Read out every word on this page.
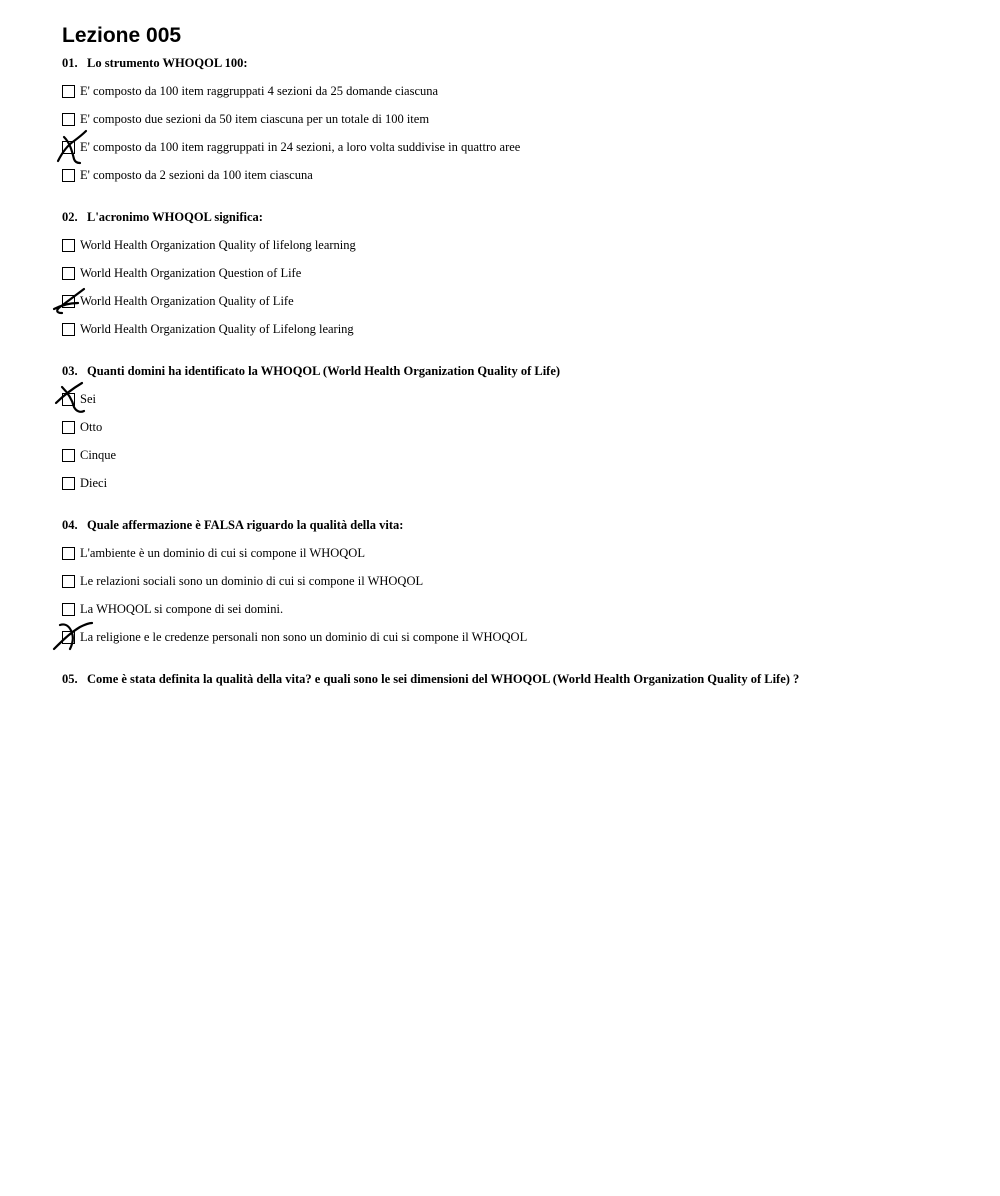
Lezione 005
01. Lo strumento WHOQOL 100:
E' composto da 100 item raggruppati 4 sezioni da 25 domande ciascuna
E' composto due sezioni da 50 item ciascuna per un totale di 100 item
E' composto da 100 item raggruppati in 24 sezioni, a loro volta suddivise in quattro aree
E' composto da 2 sezioni da 100 item ciascuna
02. L'acronimo WHOQOL significa:
World Health Organization Quality of lifelong learning
World Health Organization Question of Life
World Health Organization Quality of Life
World Health Organization Quality of Lifelong learing
03. Quanti domini ha identificato la WHOQOL (World Health Organization Quality of Life)
Sei
Otto
Cinque
Dieci
04. Quale affermazione è FALSA riguardo la qualità della vita:
L'ambiente è un dominio di cui si compone il WHOQOL
Le relazioni sociali sono un dominio di cui si compone il WHOQOL
La WHOQOL si compone di sei domini.
La religione e le credenze personali non sono un dominio di cui si compone il WHOQOL
05. Come è stata definita la qualità della vita? e quali sono le sei dimensioni del WHOQOL (World Health Organization Quality of Life) ?
